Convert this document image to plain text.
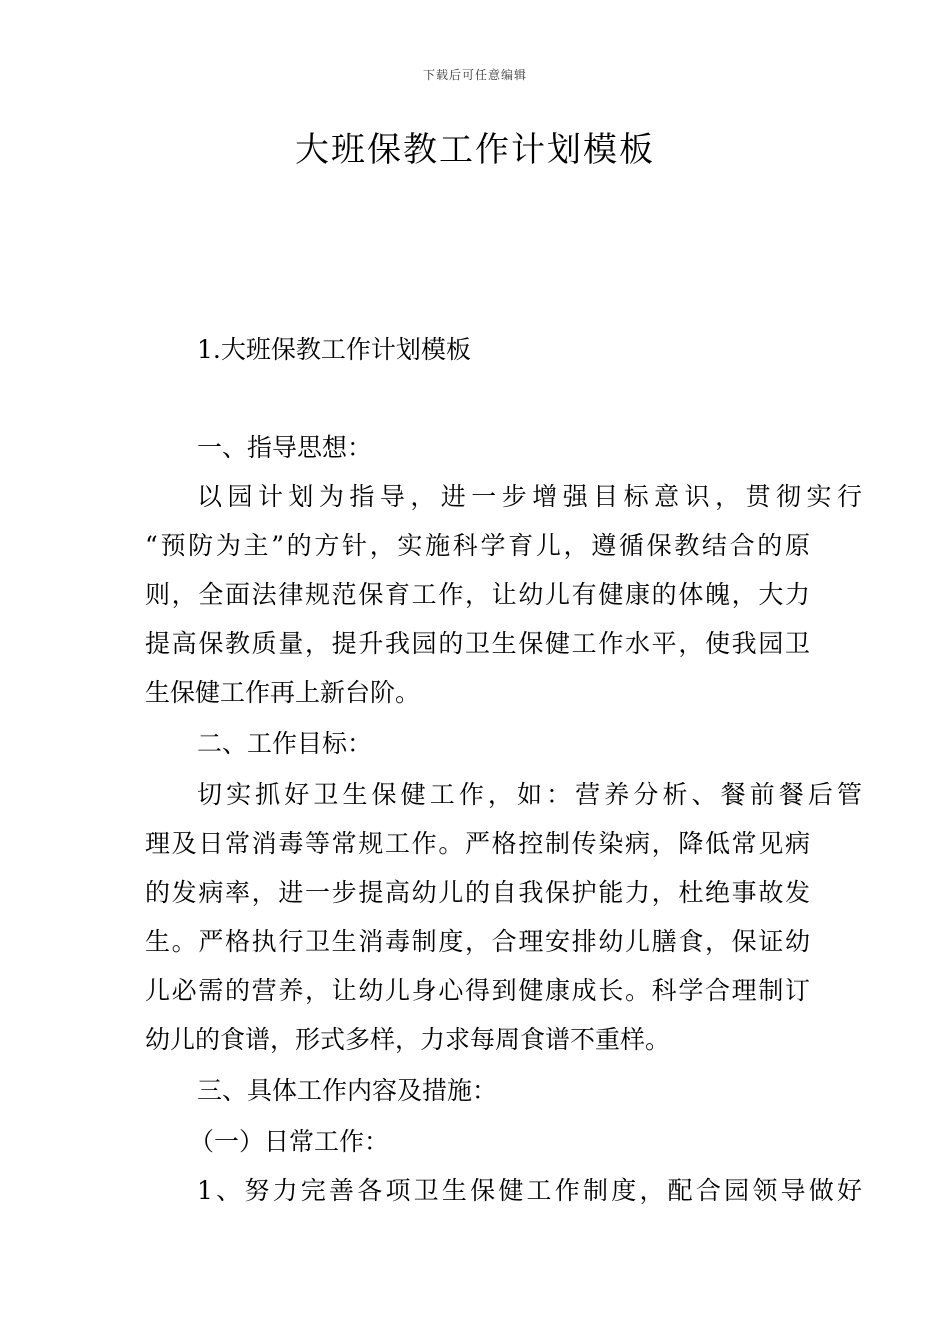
下载后可任意编辑
大班保教工作计划模板
1.大班保教工作计划模板
一、指导思想：
以园计划为指导，进一步增强目标意识，贯彻实行
“预防为主”的方针，实施科学育儿，遵循保教结合的原
则，全面法律规范保育工作，让幼儿有健康的体魄，大力
提高保教质量，提升我园的卫生保健工作水平，使我园卫
生保健工作再上新台阶。
二、工作目标：
切实抓好卫生保健工作，如：营养分析、餐前餐后管
理及日常消毒等常规工作。严格控制传染病，降低常见病
的发病率，进一步提高幼儿的自我保护能力，杜绝事故发
生。严格执行卫生消毒制度，合理安排幼儿膳食，保证幼
儿必需的营养，让幼儿身心得到健康成长。科学合理制订
幼儿的食谱，形式多样，力求每周食谱不重样。
三、具体工作内容及措施：
（一）日常工作：
1、努力完善各项卫生保健工作制度，配合园领导做好
